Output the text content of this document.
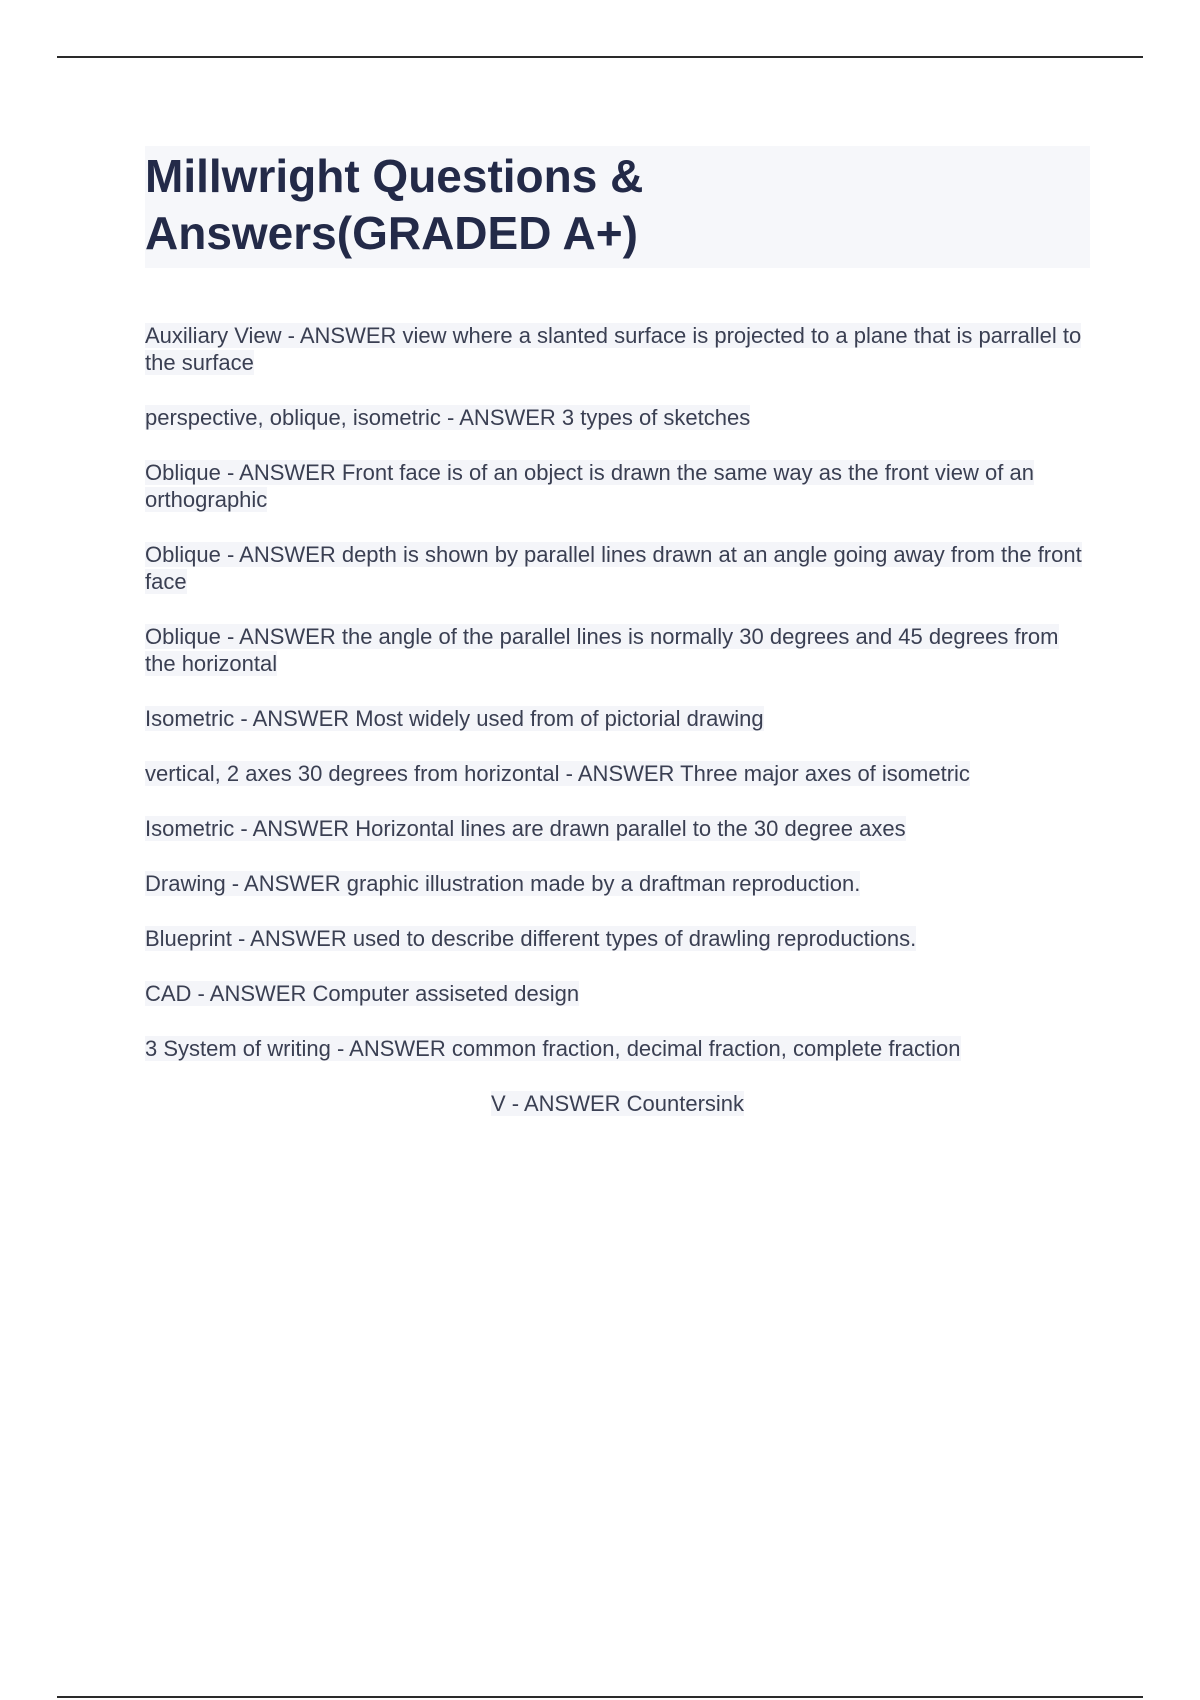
Millwright Questions & Answers(GRADED A+)
Auxiliary View - ANSWER view where a slanted surface is projected to a plane that is parrallel to the surface
perspective, oblique, isometric - ANSWER 3 types of sketches
Oblique - ANSWER Front face is of an object is drawn the same way as the front view of an orthographic
Oblique - ANSWER depth is shown by parallel lines drawn at an angle going away from the front face
Oblique - ANSWER the angle of the parallel lines is normally 30 degrees and 45 degrees from the horizontal
Isometric - ANSWER Most widely used from of pictorial drawing
vertical, 2 axes 30 degrees from horizontal - ANSWER Three major axes of isometric
Isometric - ANSWER Horizontal lines are drawn parallel to the 30 degree axes
Drawing - ANSWER graphic illustration made by a draftman reproduction.
Blueprint - ANSWER used to describe different types of drawling reproductions.
CAD - ANSWER Computer assiseted design
3 System of writing - ANSWER common fraction, decimal fraction, complete fraction
V - ANSWER Countersink
